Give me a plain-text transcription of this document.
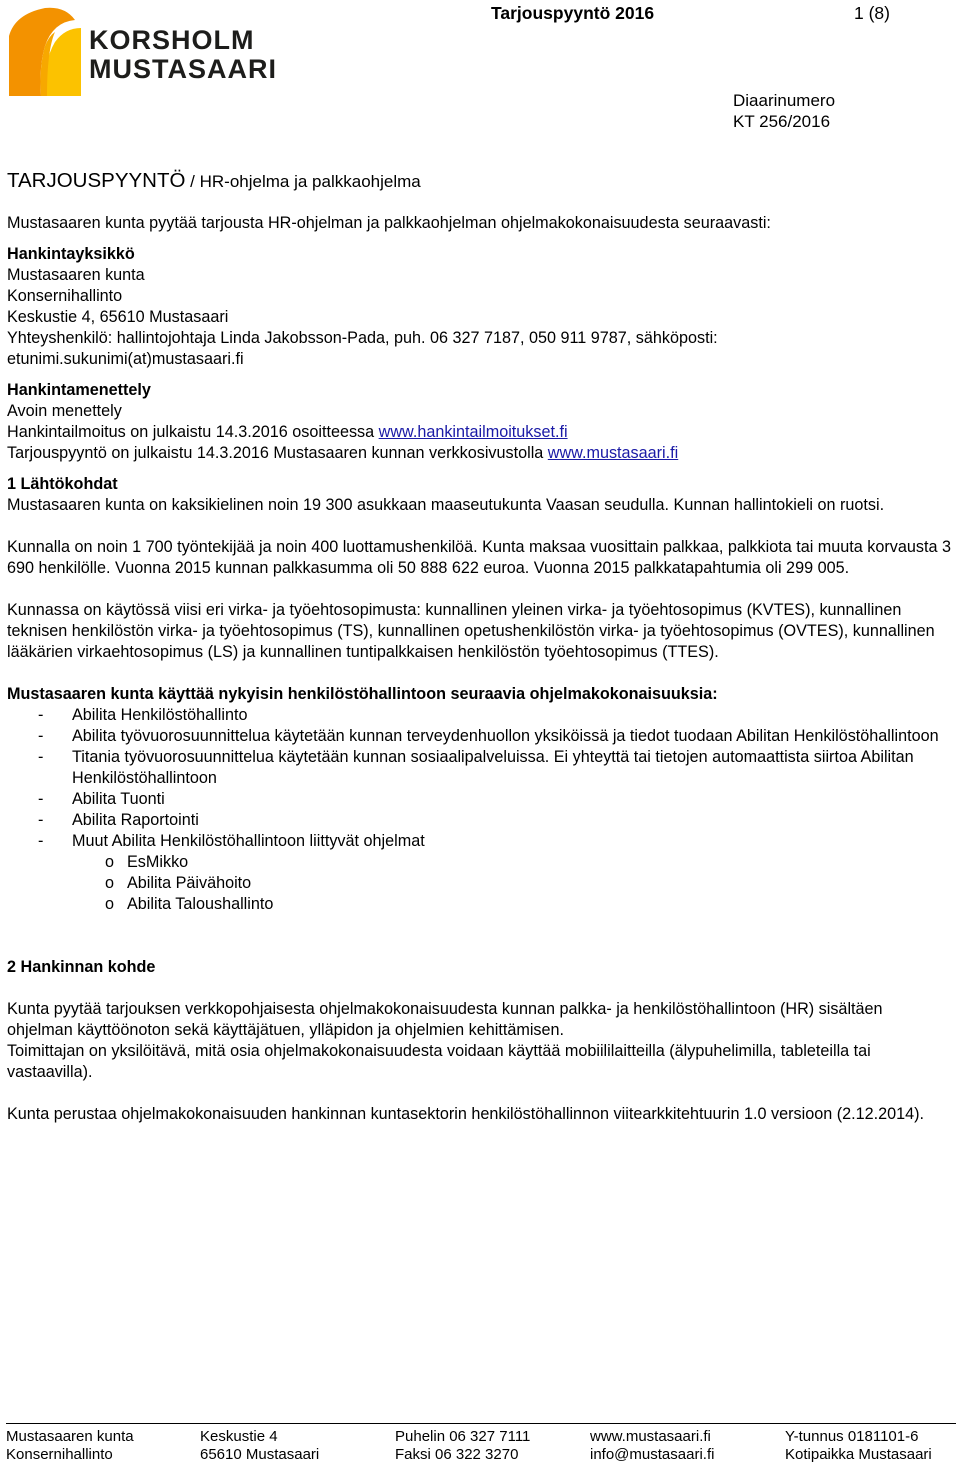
KORSHOLM
MUSTASAARI
Tarjouspyyntö 2016	1 (8)
Diaarinumero
KT 256/2016
TARJOUSPYYNTÖ / HR-ohjelma ja palkkaohjelma

Mustasaaren kunta pyytää tarjousta HR-ohjelman ja palkkaohjelman ohjelmakokonaisuudesta seuraavasti:

Hankintayksikkö

Mustasaaren kunta

Konsernihallinto

Keskustie 4, 65610 Mustasaari

Yhteyshenkilö: hallintojohtaja Linda Jakobsson-Pada, puh. 06 327 7187, 050 911 9787, sähköposti:

etunimi.sukunimi(at)mustasaari.fi

Hankintamenettely

Avoin menettely

Hankintailmoitus on julkaistu 14.3.2016 osoitteessa www.hankintailmoitukset.fi

Tarjouspyyntö on julkaistu 14.3.2016 Mustasaaren kunnan verkkosivustolla www.mustasaari.fi

1 Lähtökohdat

Mustasaaren kunta on kaksikielinen noin 19 300 asukkaan maaseutukunta Vaasan seudulla. Kunnan hallintokieli on ruotsi.

Kunnalla on noin 1 700 työntekijää ja noin 400 luottamushenkilöä. Kunta maksaa vuosittain palkkaa, palkkiota tai muuta korvausta 3 690 henkilölle. Vuonna 2015 kunnan palkkasumma oli 50 888 622 euroa. Vuonna 2015 palkkatapahtumia oli 299 005.

Kunnassa on käytössä viisi eri virka- ja työehtosopimusta: kunnallinen yleinen virka- ja työehtosopimus (KVTES), kunnallinen teknisen henkilöstön virka- ja työehtosopimus (TS), kunnallinen opetushenkilöstön virka- ja työehtosopimus (OVTES), kunnallinen lääkärien virkaehtosopimus (LS) ja kunnallinen tuntipalkkaisen henkilöstön työehtosopimus (TTES).

Mustasaaren kunta käyttää nykyisin henkilöstöhallintoon seuraavia ohjelmakokonaisuuksia:

- Abilita Henkilöstöhallinto
- Abilita työvuorosuunnittelua käytetään kunnan terveydenhuollon yksiköissä ja tiedot tuodaan Abilitan Henkilöstöhallintoon
- Titania työvuorosuunnittelua käytetään kunnan sosiaalipalveluissa. Ei yhteyttä tai tietojen automaattista siirtoa Abilitan Henkilöstöhallintoon
- Abilita Tuonti
- Abilita Raportointi
- Muut Abilita Henkilöstöhallintoon liittyvät ohjelmat
o EsMikko
o Abilita Päivähoito
o Abilita Taloushallinto

2 Hankinnan kohde

Kunta pyytää tarjouksen verkkopohjaisesta ohjelmakokonaisuudesta kunnan palkka- ja henkilöstöhallintoon (HR) sisältäen ohjelman käyttöönoton sekä käyttäjätuen, ylläpidon ja ohjelmien kehittämisen.

Toimittajan on yksilöitävä, mitä osia ohjelmakokonaisuudesta voidaan käyttää mobiililaitteilla (älypuhelimilla, tableteilla tai vastaavilla).

Kunta perustaa ohjelmakokonaisuuden hankinnan kuntasektorin henkilöstöhallinnon viitearkkitehtuurin 1.0 versioon (2.12.2014).

Mustasaaren kunta
Konsernihallinto
Keskustie 4
65610 Mustasaari
Puhelin 06 327 7111
Faksi 06 322 3270
www.mustasaari.fi
info@mustasaari.fi
Y-tunnus 0181101-6
Kotipaikka Mustasaari
